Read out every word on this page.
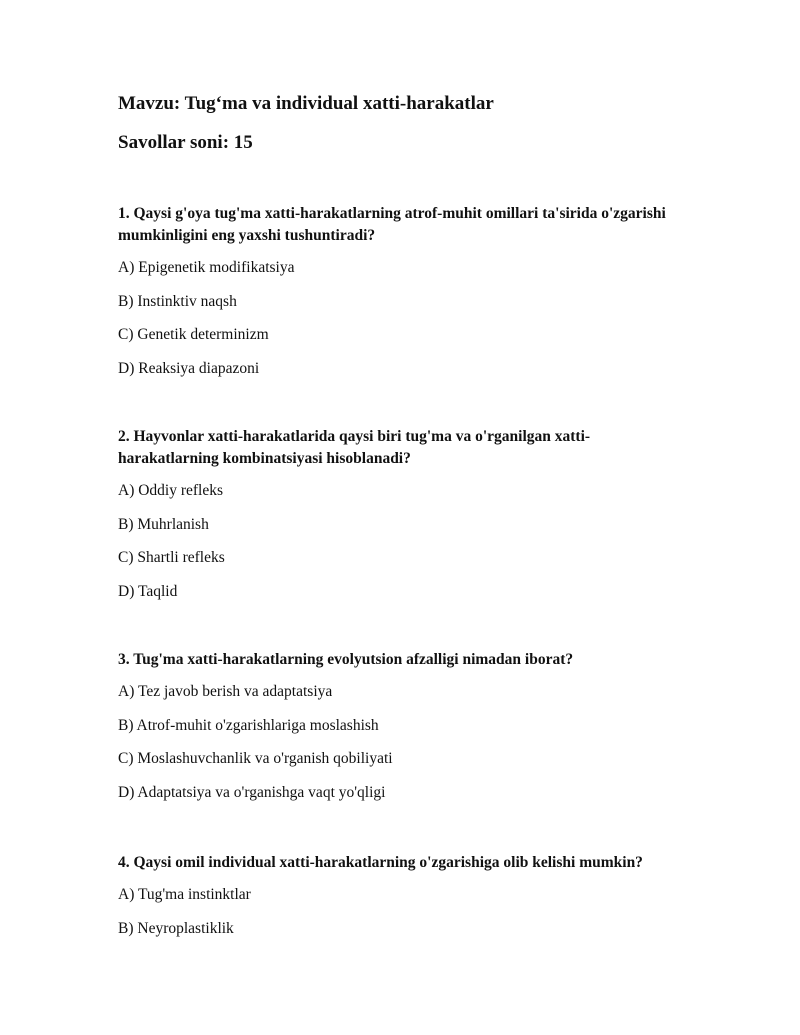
Mavzu: Tug‘ma va individual xatti-harakatlar
Savollar soni: 15

1. Qaysi g'oya tug'ma xatti-harakatlarning atrof-muhit omillari ta'sirida o'zgarishi mumkinligini eng yaxshi tushuntiradi?

A) Epigenetik modifikatsiya
B) Instinktiv naqsh
C) Genetik determinizm
D) Reaksiya diapazoni

2. Hayvonlar xatti-harakatlarida qaysi biri tug'ma va o'rganilgan xatti-harakatlarning kombinatsiyasi hisoblanadi?

A) Oddiy refleks
B) Muhrlanish
C) Shartli refleks
D) Taqlid

3. Tug'ma xatti-harakatlarning evolyutsion afzalligi nimadan iborat?

A) Tez javob berish va adaptatsiya
B) Atrof-muhit o'zgarishlariga moslashish
C) Moslashuvchanlik va o'rganish qobiliyati
D) Adaptatsiya va o'rganishga vaqt yo'qligi

4. Qaysi omil individual xatti-harakatlarning o'zgarishiga olib kelishi mumkin?

A) Tug'ma instinktlar
B) Neyroplastiklik
